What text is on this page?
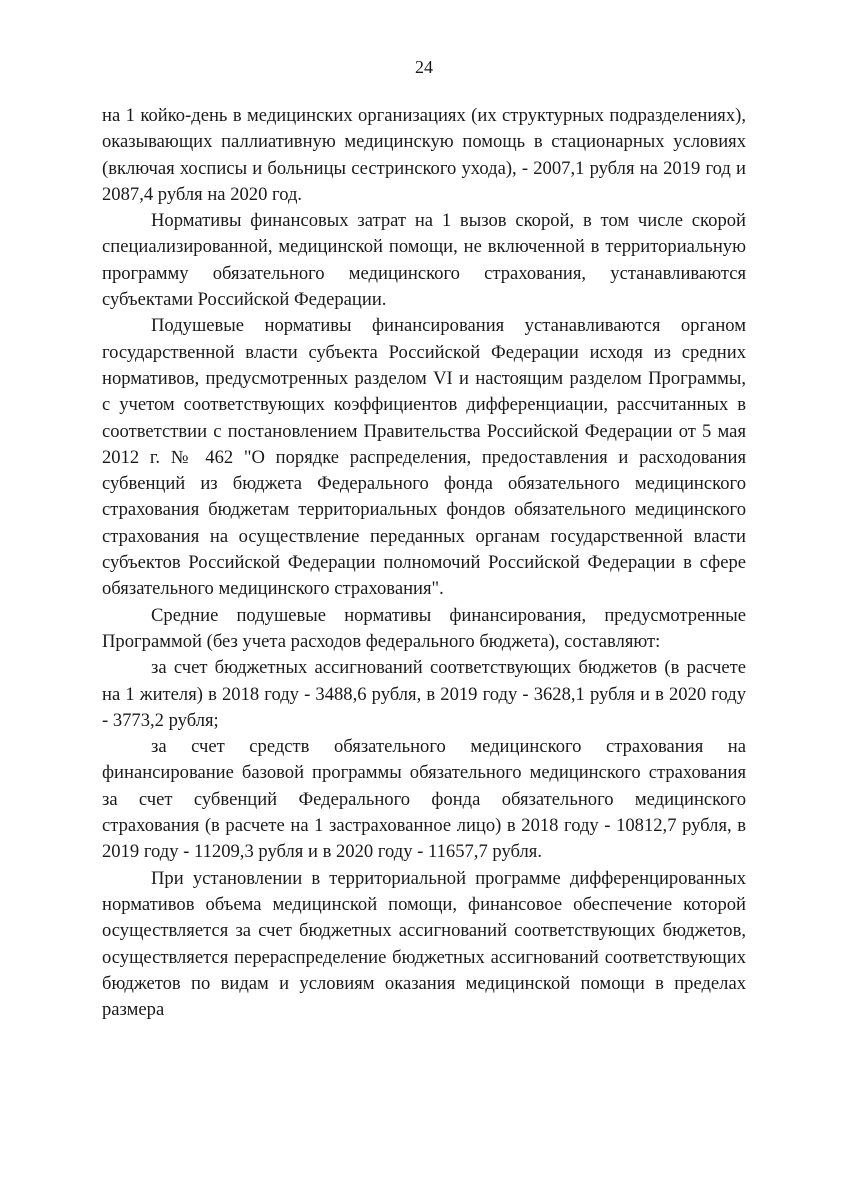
24

на 1 койко-день в медицинских организациях (их структурных подразделениях), оказывающих паллиативную медицинскую помощь в стационарных условиях (включая хосписы и больницы сестринского ухода), - 2007,1 рубля на 2019 год и 2087,4 рубля на 2020 год.

Нормативы финансовых затрат на 1 вызов скорой, в том числе скорой специализированной, медицинской помощи, не включенной в территориальную программу обязательного медицинского страхования, устанавливаются субъектами Российской Федерации.

Подушевые нормативы финансирования устанавливаются органом государственной власти субъекта Российской Федерации исходя из средних нормативов, предусмотренных разделом VI и настоящим разделом Программы, с учетом соответствующих коэффициентов дифференциации, рассчитанных в соответствии с постановлением Правительства Российской Федерации от 5 мая 2012 г. № 462 "О порядке распределения, предоставления и расходования субвенций из бюджета Федерального фонда обязательного медицинского страхования бюджетам территориальных фондов обязательного медицинского страхования на осуществление переданных органам государственной власти субъектов Российской Федерации полномочий Российской Федерации в сфере обязательного медицинского страхования".

Средние подушевые нормативы финансирования, предусмотренные Программой (без учета расходов федерального бюджета), составляют:

за счет бюджетных ассигнований соответствующих бюджетов (в расчете на 1 жителя) в 2018 году - 3488,6 рубля, в 2019 году - 3628,1 рубля и в 2020 году - 3773,2 рубля;

за счет средств обязательного медицинского страхования на финансирование базовой программы обязательного медицинского страхования за счет субвенций Федерального фонда обязательного медицинского страхования (в расчете на 1 застрахованное лицо) в 2018 году - 10812,7 рубля, в 2019 году - 11209,3 рубля и в 2020 году - 11657,7 рубля.

При установлении в территориальной программе дифференцированных нормативов объема медицинской помощи, финансовое обеспечение которой осуществляется за счет бюджетных ассигнований соответствующих бюджетов, осуществляется перераспределение бюджетных ассигнований соответствующих бюджетов по видам и условиям оказания медицинской помощи в пределах размера
